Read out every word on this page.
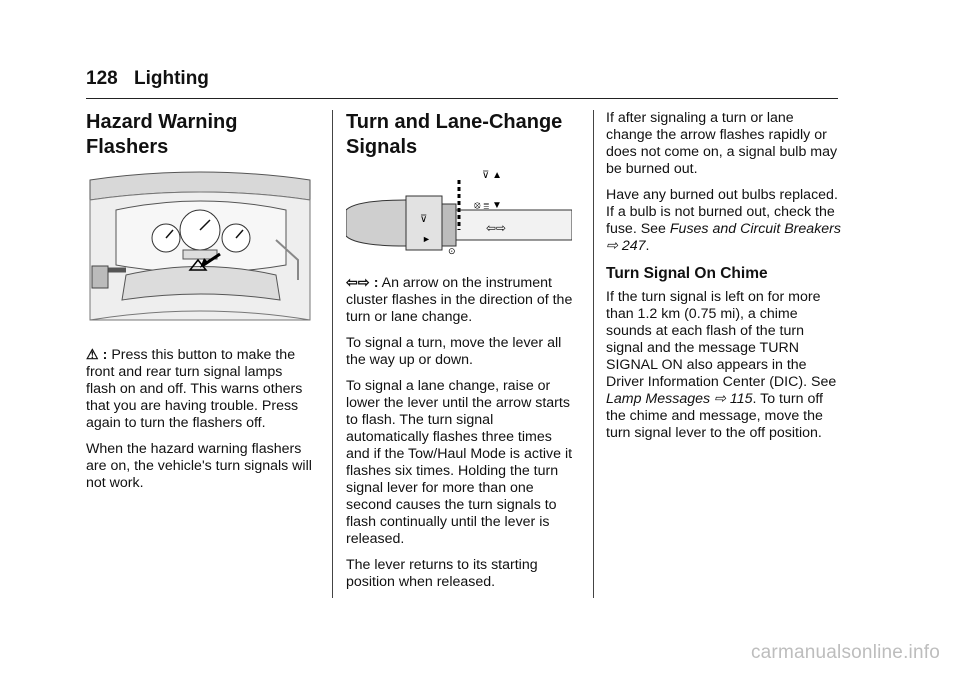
128 Lighting
Hazard Warning Flashers

⚠ : Press this button to make the front and rear turn signal lamps flash on and off. This warns others that you are having trouble. Press again to turn the flashers off.

When the hazard warning flashers are on, the vehicle's turn signals will not work.

Turn and Lane-Change Signals
⊽
►
⊽ ▲
⦻ ≣ ▼
⇦⇨
⊙

⇦⇨ : An arrow on the instrument cluster flashes in the direction of the turn or lane change.

To signal a turn, move the lever all the way up or down.

To signal a lane change, raise or lower the lever until the arrow starts to flash. The turn signal automatically flashes three times and if the Tow/Haul Mode is active it flashes six times. Holding the turn signal lever for more than one second causes the turn signals to flash continually until the lever is released.

The lever returns to its starting position when released.

If after signaling a turn or lane change the arrow flashes rapidly or does not come on, a signal bulb may be burned out.

Have any burned out bulbs replaced. If a bulb is not burned out, check the fuse. See Fuses and Circuit Breakers ⇨ 247.

Turn Signal On Chime

If the turn signal is left on for more than 1.2 km (0.75 mi), a chime sounds at each flash of the turn signal and the message TURN SIGNAL ON also appears in the Driver Information Center (DIC). See Lamp Messages ⇨ 115. To turn off the chime and message, move the turn signal lever to the off position.

carmanualsonline.info
